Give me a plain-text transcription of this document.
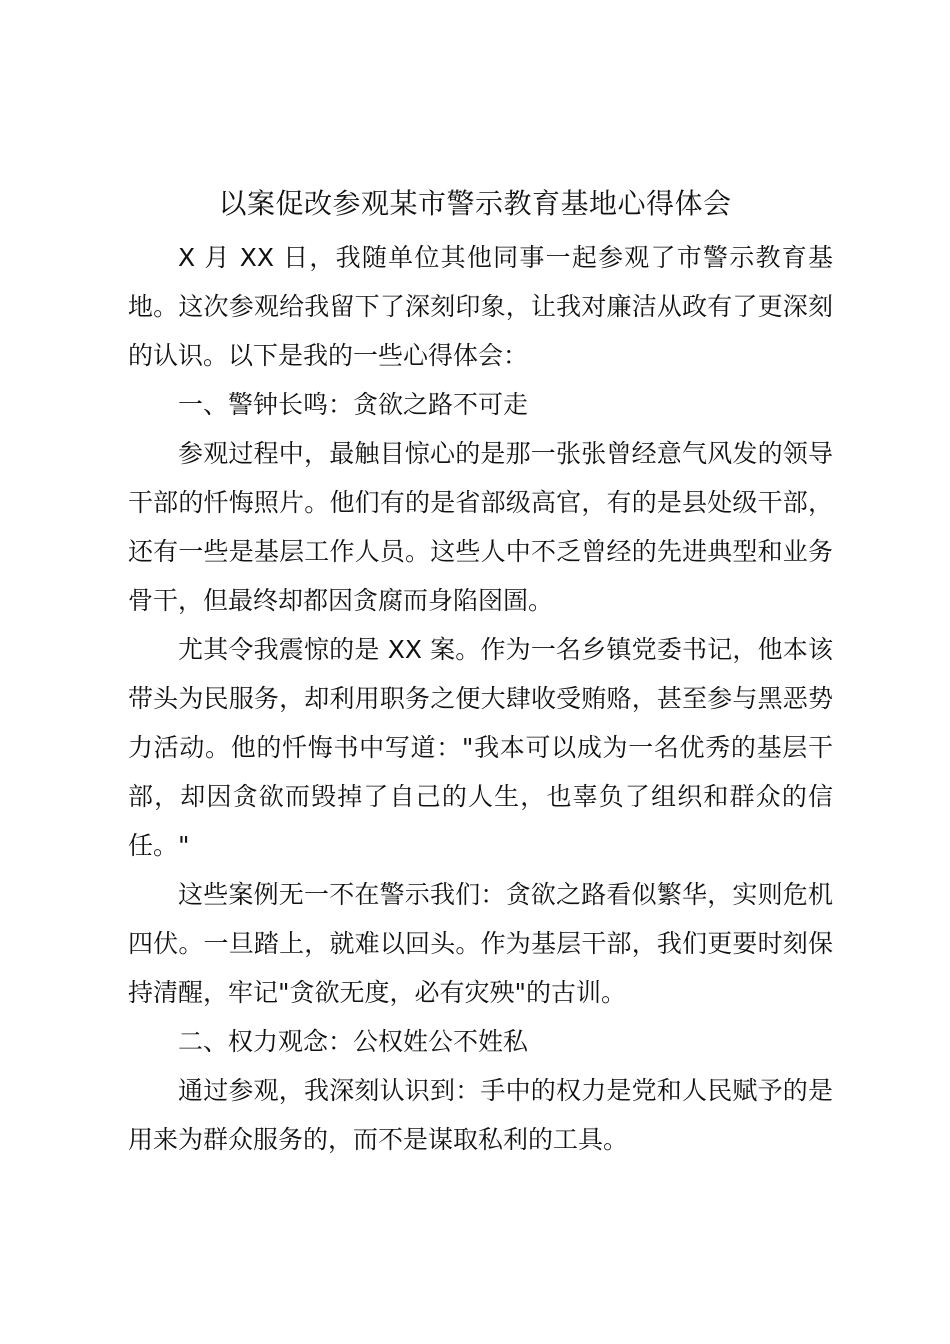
以案促改参观某市警示教育基地心得体会

X 月 XX 日，我随单位其他同事一起参观了市警示教育基地。这次参观给我留下了深刻印象，让我对廉洁从政有了更深刻的认识。以下是我的一些心得体会：

一、警钟长鸣：贪欲之路不可走

参观过程中，最触目惊心的是那一张张曾经意气风发的领导干部的忏悔照片。他们有的是省部级高官，有的是县处级干部，还有一些是基层工作人员。这些人中不乏曾经的先进典型和业务骨干，但最终却都因贪腐而身陷囹圄。

尤其令我震惊的是 XX 案。作为一名乡镇党委书记，他本该带头为民服务，却利用职务之便大肆收受贿赂，甚至参与黑恶势力活动。他的忏悔书中写道："我本可以成为一名优秀的基层干部，却因贪欲而毁掉了自己的人生，也辜负了组织和群众的信任。"

这些案例无一不在警示我们：贪欲之路看似繁华，实则危机四伏。一旦踏上，就难以回头。作为基层干部，我们更要时刻保持清醒，牢记"贪欲无度，必有灾殃"的古训。

二、权力观念：公权姓公不姓私

通过参观，我深刻认识到：手中的权力是党和人民赋予的是用来为群众服务的，而不是谋取私利的工具。
